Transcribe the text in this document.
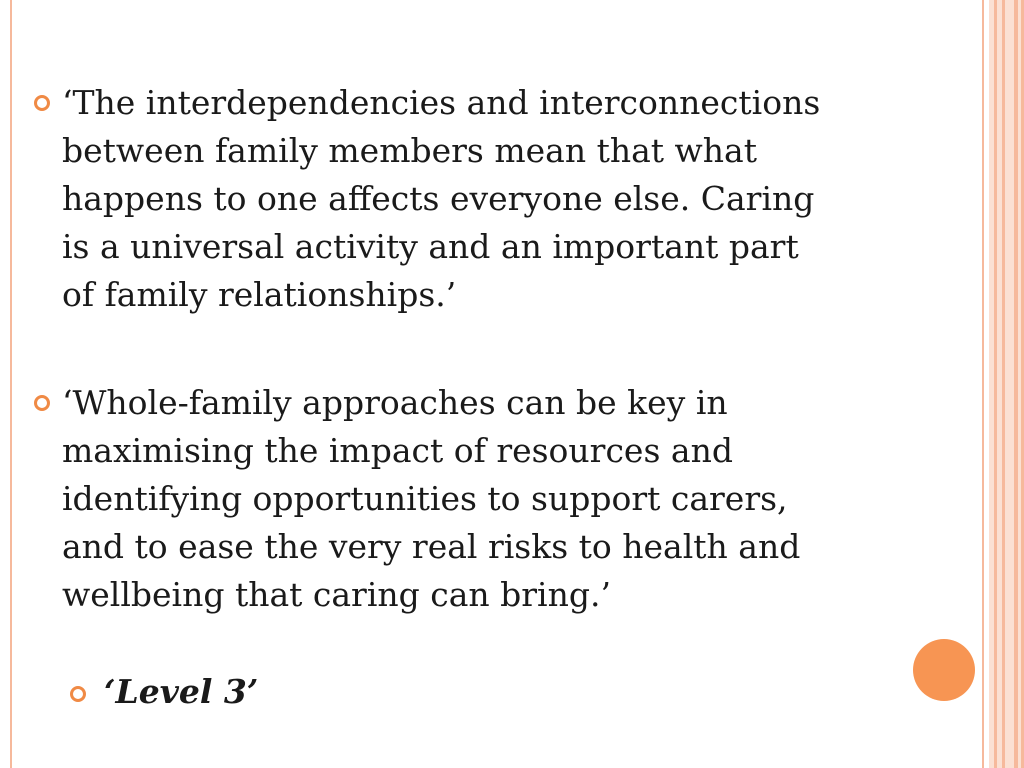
‘The interdependencies and interconnections
between family members mean that what
happens to one affects everyone else. Caring
is a universal activity and an important part
of family relationships.’
‘Whole-family approaches can be key in
maximising the impact of resources and
identifying opportunities to support carers,
and to ease the very real risks to health and
wellbeing that caring can bring.’
‘Level 3’
